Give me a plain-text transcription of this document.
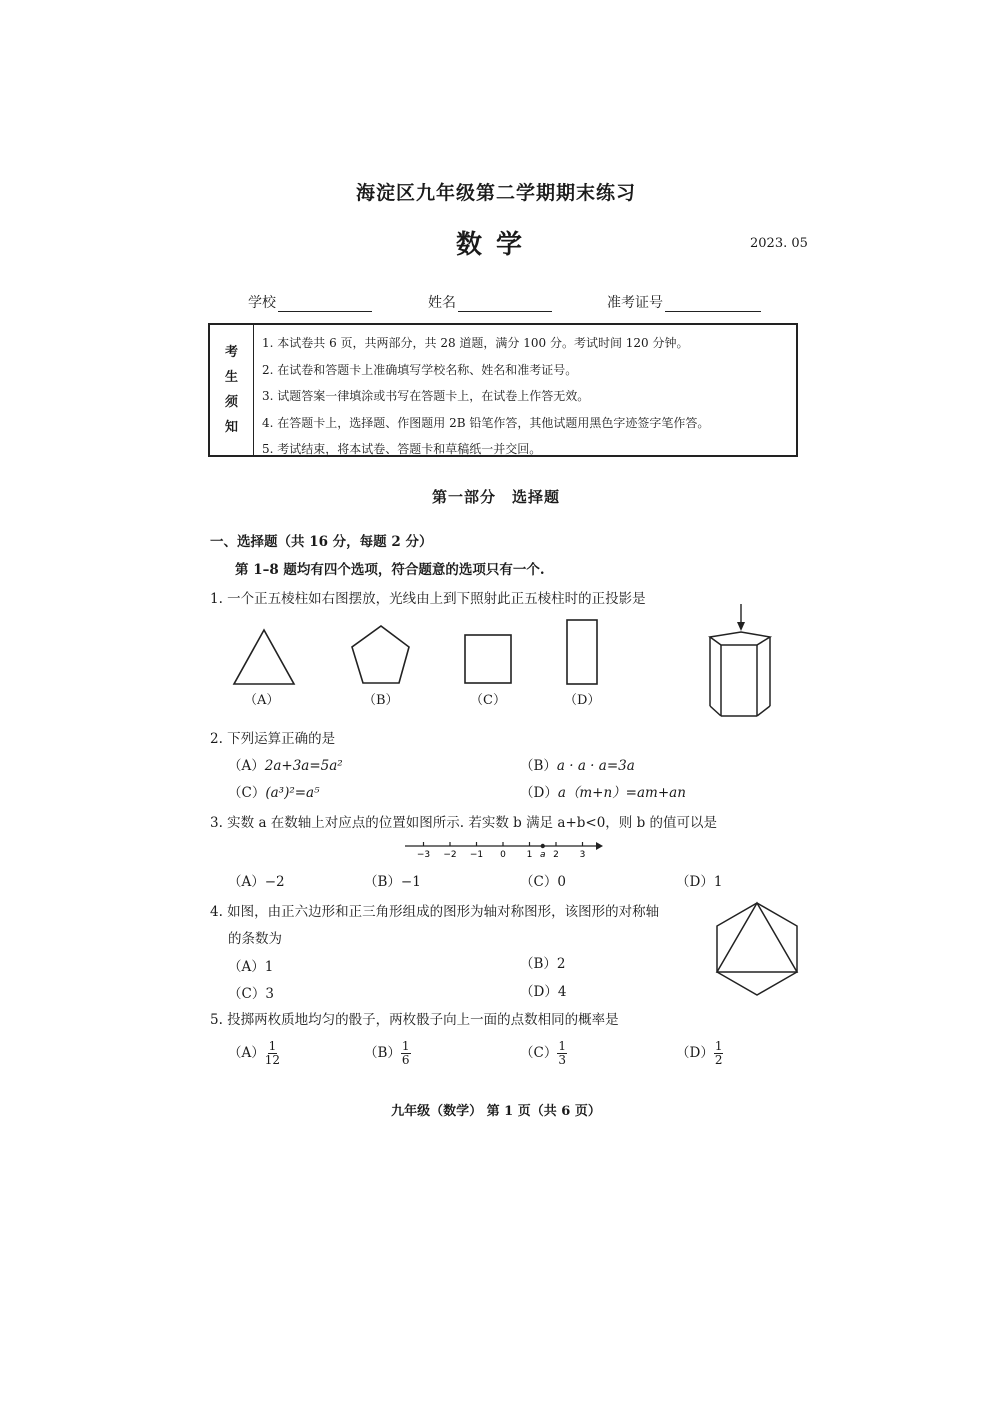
海淀区九年级第二学期期末练习
数学	2023. 05
学校	姓名	准考证号
考
生
须
知
1. 本试卷共 6 页，共两部分，共 28 道题，满分 100 分。考试时间 120 分钟。
2. 在试卷和答题卡上准确填写学校名称、姓名和准考证号。
3. 试题答案一律填涂或书写在答题卡上，在试卷上作答无效。
4. 在答题卡上，选择题、作图题用 2B 铅笔作答，其他试题用黑色字迹签字笔作答。
5. 考试结束，将本试卷、答题卡和草稿纸一并交回。
第一部分　选择题
一、选择题（共 16 分，每题 2 分）
第 1–8 题均有四个选项，符合题意的选项只有一个.
1. 一个正五棱柱如右图摆放，光线由上到下照射此正五棱柱时的正投影是
（A）	（B）	（C）	（D）
2. 下列运算正确的是
（A）2a+3a=5a²	（B）a · a · a=3a
（C）(a³)²=a⁵	（D）a（m+n）=am+an
3. 实数 a 在数轴上对应点的位置如图所示. 若实数 b 满足 a+b<0，则 b 的值可以是
−3 −2 −1 0 1 2 3
a
（A）−2	（B）−1	（C）0	（D）1
4. 如图，由正六边形和正三角形组成的图形为轴对称图形，该图形的对称轴
的条数为
（A）1	（B）2
（C）3	（D）4
5. 投掷两枚质地均匀的骰子，两枚骰子向上一面的点数相同的概率是
$(A) \frac{1}{12}$	$(B) \frac{1}{6}$	$(C) \frac{1}{3}$	$(D) \frac{1}{2}$
九年级（数学） 第 1 页（共 6 页）
